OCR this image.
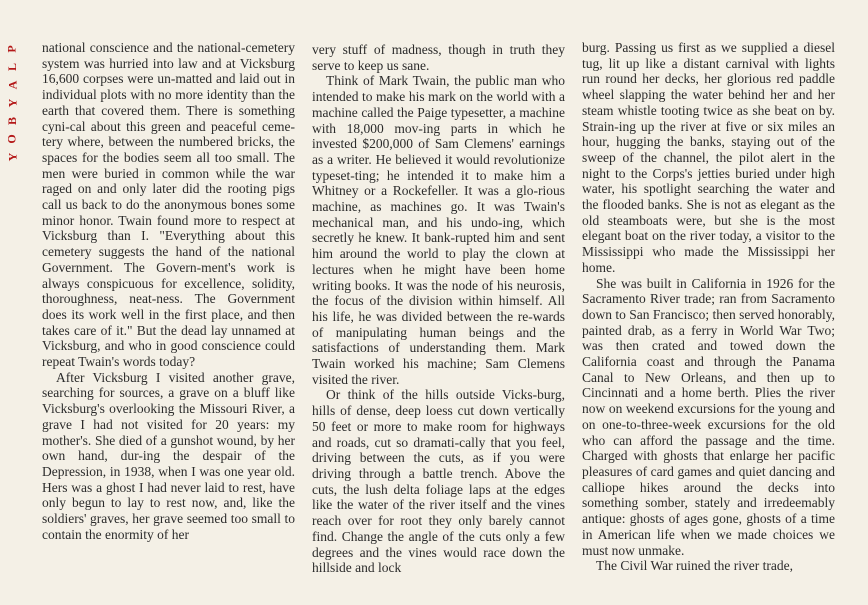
P
L
A
Y
B
O
Y

national conscience and the national-cemetery system was hurried into law and at Vicksburg 16,600 corpses were un-matted and laid out in individual plots with no more identity than the earth that covered them. There is something cyni-cal about this green and peaceful ceme-tery where, between the numbered bricks, the spaces for the bodies seem all too small. The men were buried in common while the war raged on and only later did the rooting pigs call us back to do the anonymous bones some minor honor. Twain found more to respect at Vicksburg than I. "Everything about this cemetery suggests the hand of the national Government. The Govern-ment's work is always conspicuous for excellence, solidity, thoroughness, neat-ness. The Government does its work well in the first place, and then takes care of it." But the dead lay unnamed at Vicksburg, and who in good conscience could repeat Twain's words today?

After Vicksburg I visited another grave, searching for sources, a grave on a bluff like Vicksburg's overlooking the Missouri River, a grave I had not visited for 20 years: my mother's. She died of a gunshot wound, by her own hand, dur-ing the despair of the Depression, in 1938, when I was one year old. Hers was a ghost I had never laid to rest, have only begun to lay to rest now, and, like the soldiers' graves, her grave seemed too small to contain the enormity of her

very stuff of madness, though in truth they serve to keep us sane.

Think of Mark Twain, the public man who intended to make his mark on the world with a machine called the Paige typesetter, a machine with 18,000 mov-ing parts in which he invested $200,000 of Sam Clemens' earnings as a writer. He believed it would revolutionize typeset-ting; he intended it to make him a Whitney or a Rockefeller. It was a glo-rious machine, as machines go. It was Twain's mechanical man, and his undo-ing, which secretly he knew. It bank-rupted him and sent him around the world to play the clown at lectures when he might have been home writing books. It was the node of his neurosis, the focus of the division within himself. All his life, he was divided between the re-wards of manipulating human beings and the satisfactions of understanding them. Mark Twain worked his machine; Sam Clemens visited the river.

Or think of the hills outside Vicks-burg, hills of dense, deep loess cut down vertically 50 feet or more to make room for highways and roads, cut so dramati-cally that you feel, driving between the cuts, as if you were driving through a battle trench. Above the cuts, the lush delta foliage laps at the edges like the water of the river itself and the vines reach over for root they only barely cannot find. Change the angle of the cuts only a few degrees and the vines would race down the hillside and lock

burg. Passing us first as we supplied a diesel tug, lit up like a distant carnival with lights run round her decks, her glorious red paddle wheel slapping the water behind her and her steam whistle tooting twice as she beat on by. Strain-ing up the river at five or six miles an hour, hugging the banks, staying out of the sweep of the channel, the pilot alert in the night to the Corps's jetties buried under high water, his spotlight searching the water and the flooded banks. She is not as elegant as the old steamboats were, but she is the most elegant boat on the river today, a visitor to the Mississippi who made the Mississippi her home.

She was built in California in 1926 for the Sacramento River trade; ran from Sacramento down to San Francisco; then served honorably, painted drab, as a ferry in World War Two; was then crated and towed down the California coast and through the Panama Canal to New Orleans, and then up to Cincinnati and a home berth. Plies the river now on weekend excursions for the young and on one-to-three-week excursions for the old who can afford the passage and the time. Charged with ghosts that enlarge her pacific pleasures of card games and quiet dancing and calliope hikes around the decks into something somber, stately and irredeemably antique: ghosts of ages gone, ghosts of a time in American life when we made choices we must now unmake.

The Civil War ruined the river trade,
